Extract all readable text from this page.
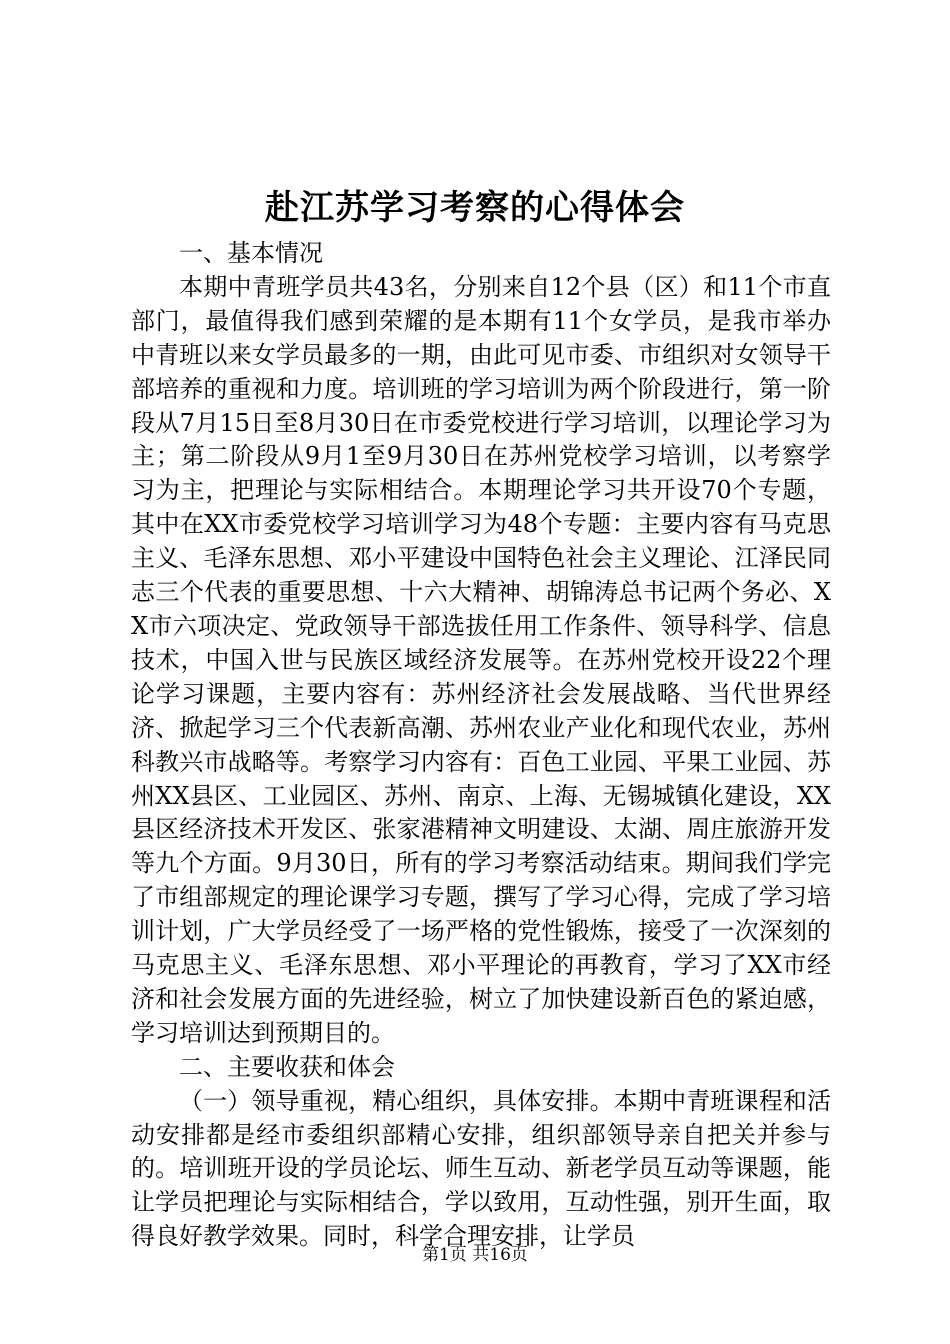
赴江苏学习考察的心得体会

一、基本情况

本期中青班学员共43名，分别来自12个县（区）和11个市直部门，最值得我们感到荣耀的是本期有11个女学员，是我市举办中青班以来女学员最多的一期，由此可见市委、市组织对女领导干部培养的重视和力度。培训班的学习培训为两个阶段进行，第一阶段从7月15日至8月30日在市委党校进行学习培训，以理论学习为主；第二阶段从9月1至9月30日在苏州党校学习培训，以考察学习为主，把理论与实际相结合。本期理论学习共开设70个专题，其中在XX市委党校学习培训学习为48个专题：主要内容有马克思主义、毛泽东思想、邓小平建设中国特色社会主义理论、江泽民同志三个代表的重要思想、十六大精神、胡锦涛总书记两个务必、XX市六项决定、党政领导干部选拔任用工作条件、领导科学、信息技术，中国入世与民族区域经济发展等。在苏州党校开设22个理论学习课题，主要内容有：苏州经济社会发展战略、当代世界经济、掀起学习三个代表新高潮、苏州农业产业化和现代农业，苏州科教兴市战略等。考察学习内容有：百色工业园、平果工业园、苏州XX县区、工业园区、苏州、南京、上海、无锡城镇化建设，XX县区经济技术开发区、张家港精神文明建设、太湖、周庄旅游开发等九个方面。9月30日，所有的学习考察活动结束。期间我们学完了市组部规定的理论课学习专题，撰写了学习心得，完成了学习培训计划，广大学员经受了一场严格的党性锻炼，接受了一次深刻的马克思主义、毛泽东思想、邓小平理论的再教育，学习了XX市经济和社会发展方面的先进经验，树立了加快建设新百色的紧迫感，学习培训达到预期目的。

二、主要收获和体会

（一）领导重视，精心组织，具体安排。本期中青班课程和活动安排都是经市委组织部精心安排，组织部领导亲自把关并参与的。培训班开设的学员论坛、师生互动、新老学员互动等课题，能让学员把理论与实际相结合，学以致用，互动性强，别开生面，取得良好教学效果。同时，科学合理安排，让学员

第1页 共16页
